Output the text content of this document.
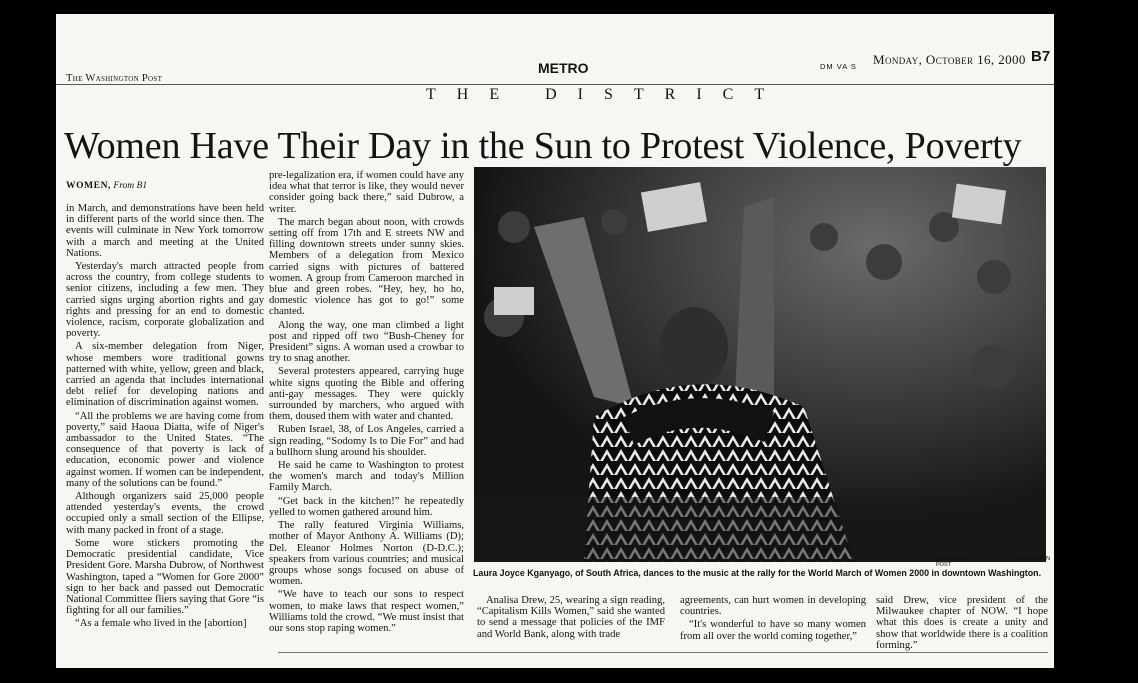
The Washington Post
METRO	DM VA S Monday, October 16, 2000 B7
THE DISTRICT
Women Have Their Day in the Sun to Protest Violence, Poverty
WOMEN, From B1

in March, and demonstrations have been held in different parts of the world since then. The events will culminate in New York tomorrow with a march and meeting at the United Nations.

Yesterday's march attracted people from across the country, from college students to senior citizens, including a few men. They carried signs urging abortion rights and gay rights and pressing for an end to domestic violence, racism, corporate globalization and poverty.

A six-member delegation from Niger, whose members wore traditional gowns patterned with white, yellow, green and black, carried an agenda that includes international debt relief for developing nations and elimination of discrimination against women.

“All the problems we are having come from poverty,” said Haoua Diatta, wife of Niger's ambassador to the United States. “The consequence of that poverty is lack of education, economic power and violence against women. If women can be independent, many of the solutions can be found.”

Although organizers said 25,000 people attended yesterday's events, the crowd occupied only a small section of the Ellipse, with many packed in front of a stage.

Some wore stickers promoting the Democratic presidential candidate, Vice President Gore. Marsha Dubrow, of Northwest Washington, taped a “Women for Gore 2000” sign to her back and passed out Democratic National Committee fliers saying that Gore “is fighting for all our families.”

“As a female who lived in the [abortion]

pre-legalization era, if women could have any idea what that terror is like, they would never consider going back there,” said Dubrow, a writer.

The march began about noon, with crowds setting off from 17th and E streets NW and filling downtown streets under sunny skies. Members of a delegation from Mexico carried signs with pictures of battered women. A group from Cameroon marched in blue and green robes. “Hey, hey, ho ho, domestic violence has got to go!” some chanted.

Along the way, one man climbed a light post and ripped off two “Bush-Cheney for President” signs. A woman used a crowbar to try to snag another.

Several protesters appeared, carrying huge white signs quoting the Bible and offering anti-gay messages. They were quickly surrounded by marchers, who argued with them, doused them with water and chanted.

Ruben Israel, 38, of Los Angeles, carried a sign reading, “Sodomy Is to Die For” and had a bullhorn slung around his shoulder.

He said he came to Washington to protest the women's march and today's Million Family March.

“Get back in the kitchen!” he repeatedly yelled to women gathered around him.

The rally featured Virginia Williams, mother of Mayor Anthony A. Williams (D); Del. Eleanor Holmes Norton (D-D.C.); speakers from various countries; and musical groups whose songs focused on abuse of women.

“We have to teach our sons to respect women, to make laws that respect women,” Williams told the crowd. “We must insist that our sons stop raping women.”

BY MICHAEL LUTZKY — THE WASHINGTON POST
Laura Joyce Kganyago, of South Africa, dances to the music at the rally for the World March of Women 2000 in downtown Washington.

Analisa Drew, 25, wearing a sign reading, “Capitalism Kills Women,” said she wanted to send a message that policies of the IMF and World Bank, along with trade

agreements, can hurt women in developing countries.

“It's wonderful to have so many women from all over the world coming together,”

said Drew, vice president of the Milwaukee chapter of NOW. “I hope what this does is create a unity and show that worldwide there is a coalition forming.”
